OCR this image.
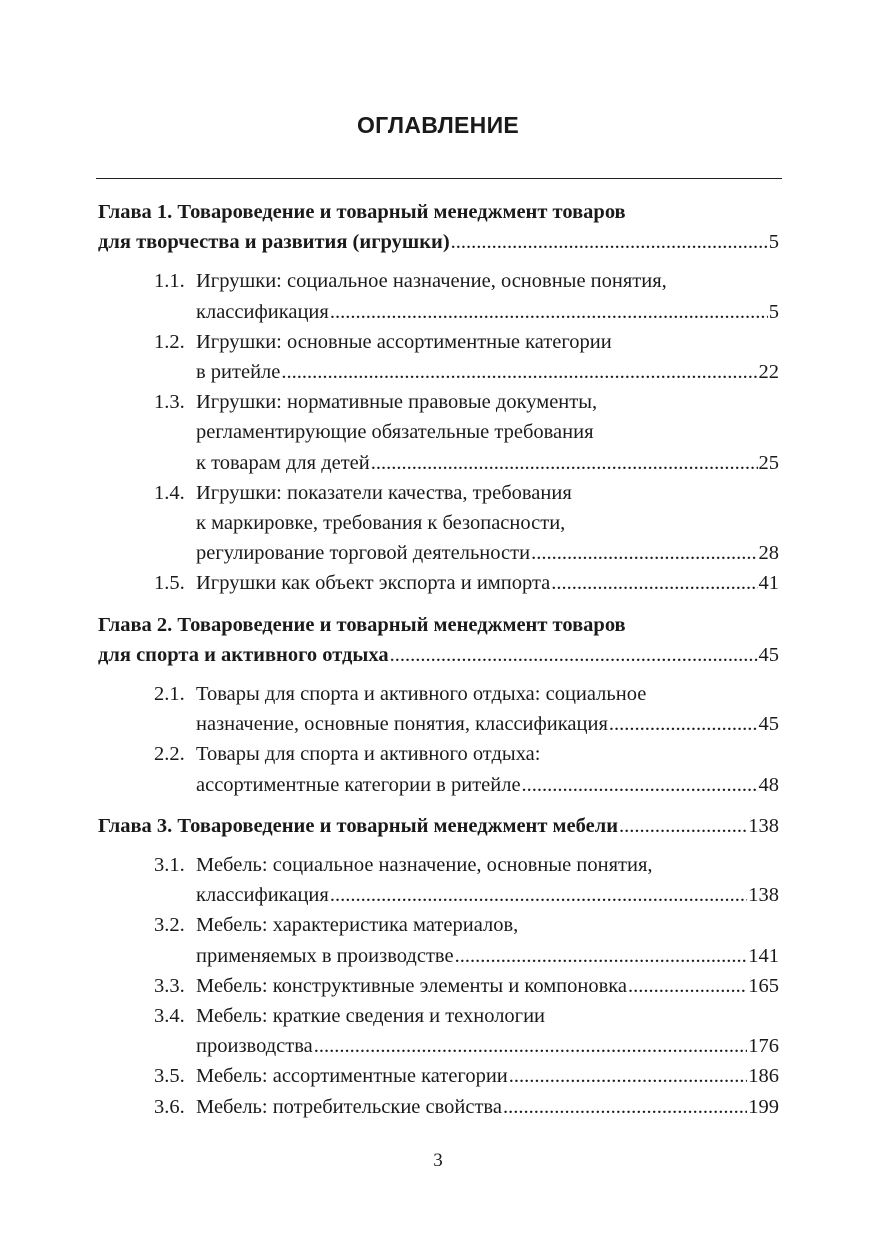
ОГЛАВЛЕНИЕ
Глава 1. Товароведение и товарный менеджмент товаров
для творчества и развития (игрушки) .....	5
1.1. Игрушки: социальное назначение, основные понятия,
классификация .....	5
1.2. Игрушки: основные ассортиментные категории
в ритейле .....	22
1.3. Игрушки: нормативные правовые документы,
регламентирующие обязательные требования
к товарам для детей .....	25
1.4. Игрушки: показатели качества, требования
к маркировке, требования к безопасности,
регулирование торговой деятельности .....	28
1.5. Игрушки как объект экспорта и импорта .....	41
Глава 2. Товароведение и товарный менеджмент товаров
для спорта и активного отдыха .....	45
2.1. Товары для спорта и активного отдыха: социальное
назначение, основные понятия, классификация .....	45
2.2. Товары для спорта и активного отдыха:
ассортиментные категории в ритейле .....	48
Глава 3. Товароведение и товарный менеджмент мебели .....	138
3.1. Мебель: социальное назначение, основные понятия,
классификация .....	138
3.2. Мебель: характеристика материалов,
применяемых в производстве .....	141
3.3. Мебель: конструктивные элементы и компоновка .....	165
3.4. Мебель: краткие сведения и технологии
производства .....	176
3.5. Мебель: ассортиментные категории .....	186
3.6. Мебель: потребительские свойства .....	199
3
